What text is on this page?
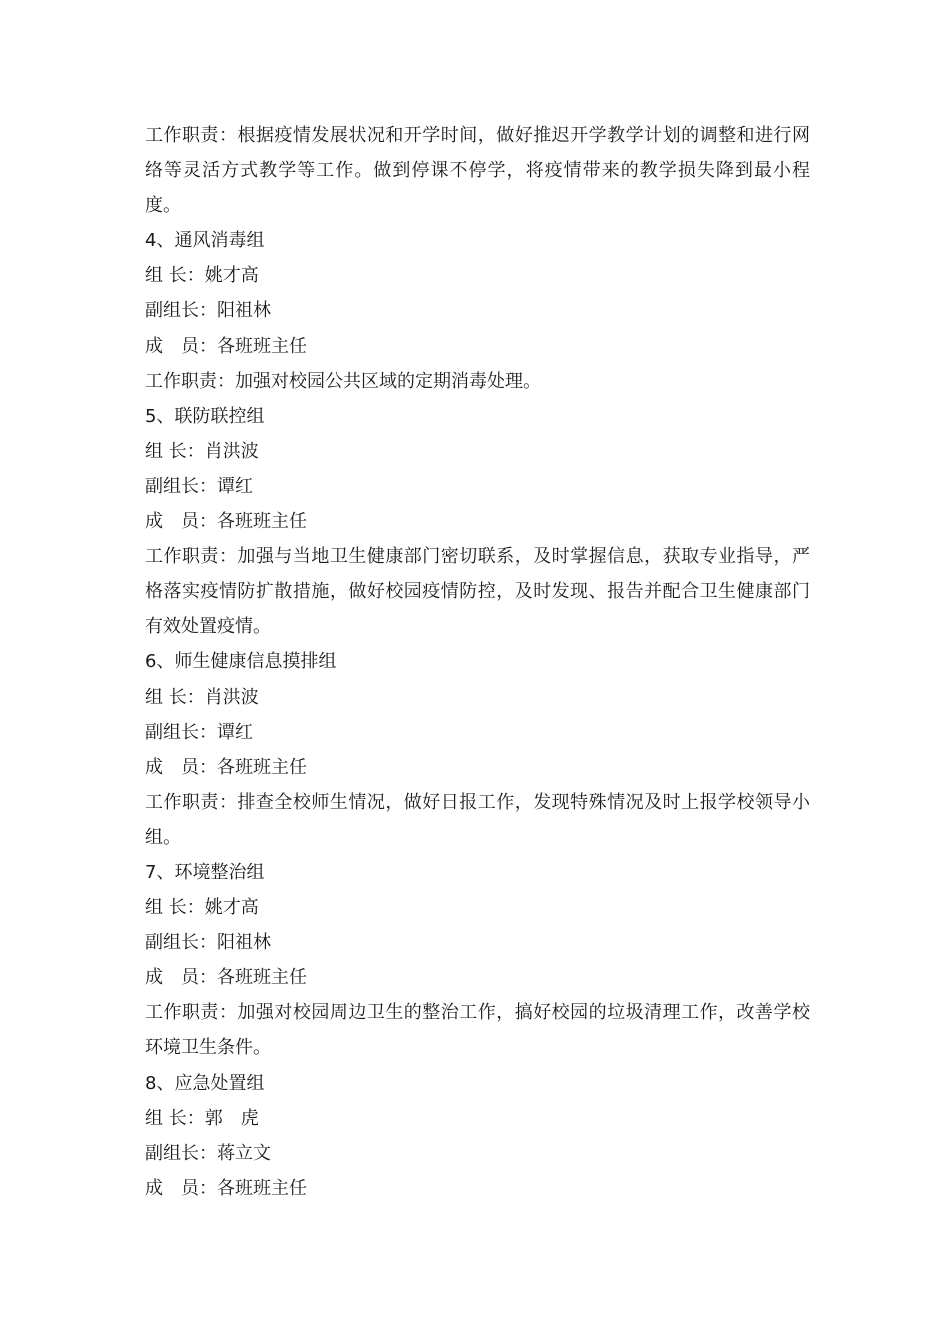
工作职责：根据疫情发展状况和开学时间，做好推迟开学教学计划的调整和进行网络等灵活方式教学等工作。做到停课不停学，将疫情带来的教学损失降到最小程度。

4、通风消毒组

组 长：姚才高

副组长：阳祖林

成　员：各班班主任

工作职责：加强对校园公共区域的定期消毒处理。

5、联防联控组

组 长：肖洪波

副组长：谭红

成　员：各班班主任

工作职责：加强与当地卫生健康部门密切联系，及时掌握信息，获取专业指导，严格落实疫情防扩散措施，做好校园疫情防控，及时发现、报告并配合卫生健康部门有效处置疫情。

6、师生健康信息摸排组

组 长：肖洪波

副组长：谭红

成　员：各班班主任

工作职责：排查全校师生情况，做好日报工作，发现特殊情况及时上报学校领导小组。

7、环境整治组

组 长：姚才高

副组长：阳祖林

成　员：各班班主任

工作职责：加强对校园周边卫生的整治工作，搞好校园的垃圾清理工作，改善学校环境卫生条件。

8、应急处置组

组 长：郭　虎

副组长：蒋立文

成　员：各班班主任
